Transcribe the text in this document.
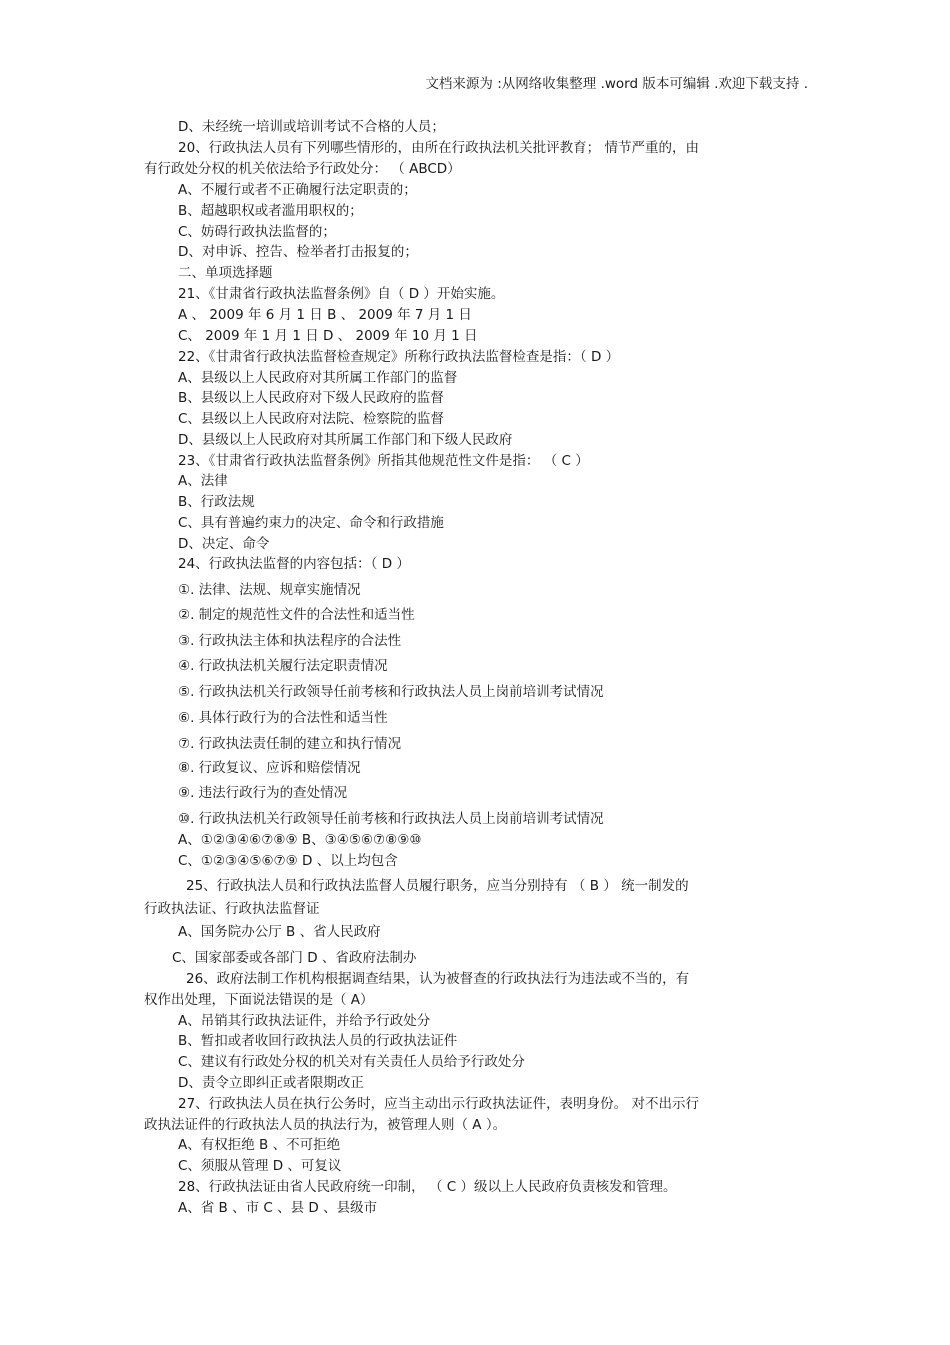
文档来源为 :从网络收集整理 .word 版本可编辑 .欢迎下载支持 .
D、未经统一培训或培训考试不合格的人员；
20、行政执法人员有下列哪些情形的，由所在行政执法机关批评教育； 情节严重的，由
有行政处分权的机关依法给予行政处分： （ ABCD）
A、不履行或者不正确履行法定职责的；
B、超越职权或者滥用职权的；
C、妨碍行政执法监督的；
D、对申诉、控告、检举者打击报复的；
二、单项选择题
21、《甘肃省行政执法监督条例》自（ D ）开始实施。
A 、 2009 年 6 月 1 日 B 、 2009 年 7 月 1 日
C、 2009 年 1 月 1 日 D 、 2009 年 10 月 1 日
22、《甘肃省行政执法监督检查规定》所称行政执法监督检查是指：（ D ）
A、县级以上人民政府对其所属工作部门的监督
B、县级以上人民政府对下级人民政府的监督
C、县级以上人民政府对法院、检察院的监督
D、县级以上人民政府对其所属工作部门和下级人民政府
23、《甘肃省行政执法监督条例》所指其他规范性文件是指： （ C ）
A、法律
B、行政法规
C、具有普遍约束力的决定、命令和行政措施
D、决定、命令
24、行政执法监督的内容包括：（ D ）
①. 法律、法规、规章实施情况
②. 制定的规范性文件的合法性和适当性
③. 行政执法主体和执法程序的合法性
④. 行政执法机关履行法定职责情况
⑤. 行政执法机关行政领导任前考核和行政执法人员上岗前培训考试情况
⑥. 具体行政行为的合法性和适当性
⑦. 行政执法责任制的建立和执行情况
⑧. 行政复议、应诉和赔偿情况
⑨. 违法行政行为的查处情况
⑩. 行政执法机关行政领导任前考核和行政执法人员上岗前培训考试情况
A、①②③④⑥⑦⑧⑨ B、③④⑤⑥⑦⑧⑨⑩
C、①②③④⑤⑥⑦⑨ D 、以上均包含
25、行政执法人员和行政执法监督人员履行职务，应当分别持有 （ B ） 统一制发的
行政执法证、行政执法监督证
A、国务院办公厅 B 、省人民政府
C、国家部委或各部门 D 、省政府法制办
26、政府法制工作机构根据调查结果，认为被督查的行政执法行为违法或不当的，有
权作出处理，下面说法错误的是（ A）
A、吊销其行政执法证件，并给予行政处分
B、暂扣或者收回行政执法人员的行政执法证件
C、建议有行政处分权的机关对有关责任人员给予行政处分
D、责令立即纠正或者限期改正
27、行政执法人员在执行公务时，应当主动出示行政执法证件，表明身份。 对不出示行
政执法证件的行政执法人员的执法行为，被管理人则（ A ）。
A、有权拒绝 B 、不可拒绝
C、须服从管理 D 、可复议
28、行政执法证由省人民政府统一印制， （ C ）级以上人民政府负责核发和管理。
A、省 B 、市 C 、县 D 、县级市
